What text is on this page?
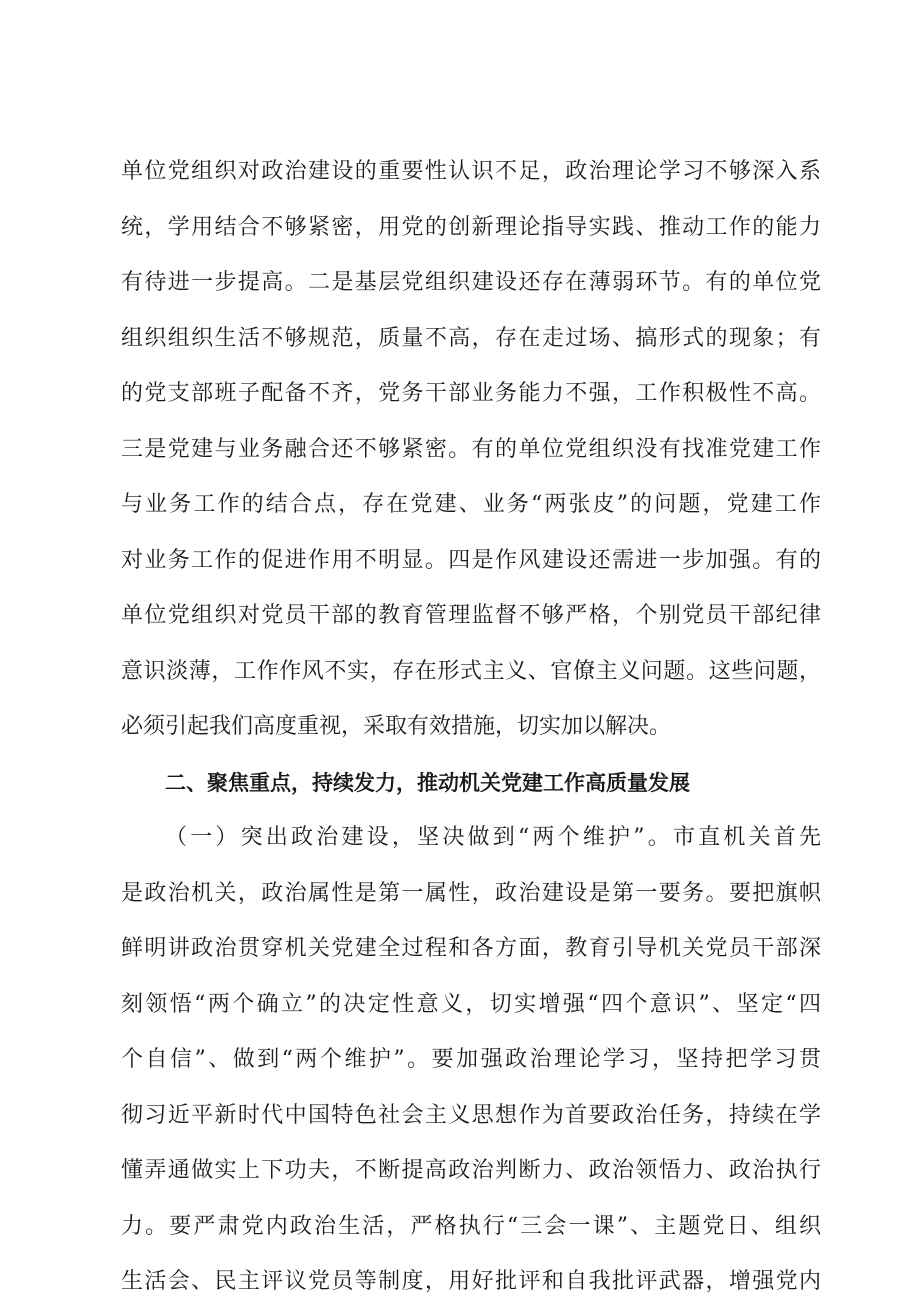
单位党组织对政治建设的重要性认识不足，政治理论学习不够深入系
统，学用结合不够紧密，用党的创新理论指导实践、推动工作的能力
有待进一步提高。二是基层党组织建设还存在薄弱环节。有的单位党
组织组织生活不够规范，质量不高，存在走过场、搞形式的现象；有
的党支部班子配备不齐，党务干部业务能力不强，工作积极性不高。
三是党建与业务融合还不够紧密。有的单位党组织没有找准党建工作
与业务工作的结合点，存在党建、业务“两张皮”的问题，党建工作
对业务工作的促进作用不明显。四是作风建设还需进一步加强。有的
单位党组织对党员干部的教育管理监督不够严格，个别党员干部纪律
意识淡薄，工作作风不实，存在形式主义、官僚主义问题。这些问题，
必须引起我们高度重视，采取有效措施，切实加以解决。
二、聚焦重点，持续发力，推动机关党建工作高质量发展
（一）突出政治建设，坚决做到“两个维护”。市直机关首先
是政治机关，政治属性是第一属性，政治建设是第一要务。要把旗帜
鲜明讲政治贯穿机关党建全过程和各方面，教育引导机关党员干部深
刻领悟“两个确立”的决定性意义，切实增强“四个意识”、坚定“四
个自信”、做到“两个维护”。要加强政治理论学习，坚持把学习贯
彻习近平新时代中国特色社会主义思想作为首要政治任务，持续在学
懂弄通做实上下功夫，不断提高政治判断力、政治领悟力、政治执行
力。要严肃党内政治生活，严格执行“三会一课”、主题党日、组织
生活会、民主评议党员等制度，用好批评和自我批评武器，增强党内
